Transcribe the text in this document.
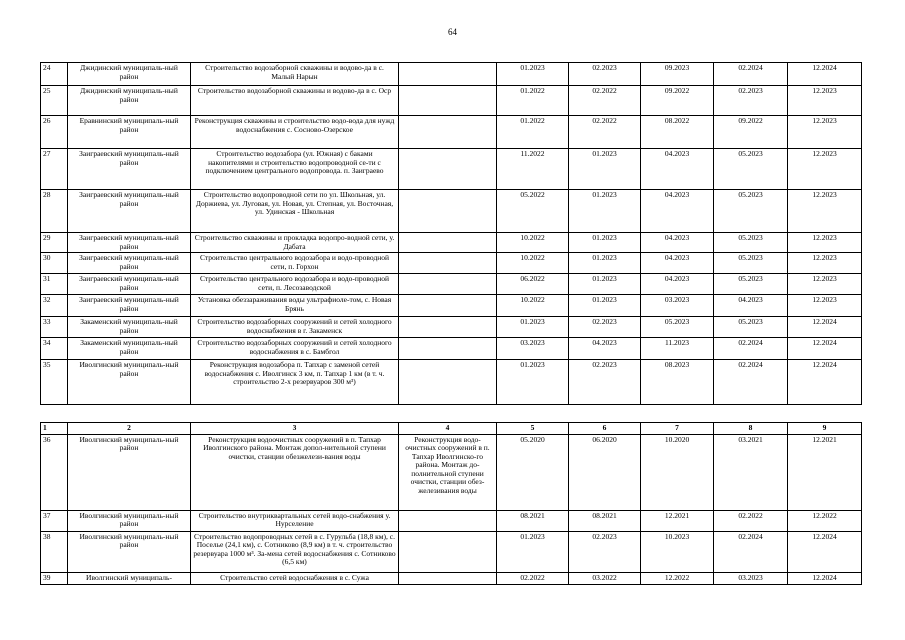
64
24	Джидинский муниципаль-ный район	Строительство водозаборной скважины и водово-да в с. Малый Нарын		01.2023	02.2023	09.2023	02.2024	12.2024
25	Джидинский муниципаль-ный район	Строительство водозаборной скважины и водово-да в с. Оср		01.2022	02.2022	09.2022	02.2023	12.2023
26	Еравнинский муниципаль-ный район	Реконструкция скважины и строительство водо-вода для нужд водоснабжения с. Сосново-Озерское		01.2022	02.2022	08.2022	09.2022	12.2023
27	Заиграевский муниципаль-ный район	Строительство водозабора (ул. Южная) с баками накопителями и строительство водопроводной се-ти с подключением центрального водопровода. п. Заиграево		11.2022	01.2023	04.2023	05.2023	12.2023
28	Заиграевский муниципаль-ный район	Строительство водопроводной сети по ул. Школьная, ул. Доржиева, ул. Луговая, ул. Новая, ул. Степная, ул. Восточная, ул. Удинская - Школьная		05.2022	01.2023	04.2023	05.2023	12.2023
29	Заиграевский муниципаль-ный район	Строительство скважины и прокладка водопро-водной сети, у. Дабата		10.2022	01.2023	04.2023	05.2023	12.2023
30	Заиграевский муниципаль-ный район	Строительство центрального водозабора и водо-проводной сети, п. Горхон		10.2022	01.2023	04.2023	05.2023	12.2023
31	Заиграевский муниципаль-ный район	Строительство центрального водозабора и водо-проводной сети, п. Лесозаводской		06.2022	01.2023	04.2023	05.2023	12.2023
32	Заиграевский муниципаль-ный район	Установка обеззараживания воды ультрафиоле-том, с. Новая Брянь		10.2022	01.2023	03.2023	04.2023	12.2023
33	Закаменский муниципаль-ный район	Строительство водозаборных сооружений и сетей холодного водоснабжения в г. Закаменск		01.2023	02.2023	05.2023	05.2023	12.2024
34	Закаменский муниципаль-ный район	Строительство водозаборных сооружений и сетей холодного водоснабжения в с. Бамбгол		03.2023	04.2023	11.2023	02.2024	12.2024
35	Иволгинский муниципаль-ный район	Реконструкция водозабора п. Тапхар с заменой сетей водоснабжения с. Иволгинск 3 км, п. Тапхар 1 км (в т. ч. строительство 2-х резервуаров 300 м³)		01.2023	02.2023	08.2023	02.2024	12.2024
1	2	3	4	5	6	7	8	9
36	Иволгинский муниципаль-ный район	Реконструкция водоочистных сооружений в п. Тапхар Иволгинского района. Монтаж допол-нительной ступени очистки, станции обезжелези-вания воды	Реконструкция водо-очистных сооружений в п. Тапхар Иволгинско-го района. Монтаж до-полнительной ступени очистки, станции обез-железивания воды	05.2020	06.2020	10.2020	03.2021	12.2021
37	Иволгинский муниципаль-ный район	Строительство внутриквартальных сетей водо-снабжения у. Нурселение		08.2021	08.2021	12.2021	02.2022	12.2022
38	Иволгинский муниципаль-ный район	Строительство водопроводных сетей в с. Гурульба (18,8 км), с. Поселье (24,1 км), с. Сотниково (8,9 км) в т. ч. строительство резервуара 1000 м³. За-мена сетей водоснабжения с. Сотниково (6,5 км)		01.2023	02.2023	10.2023	02.2024	12.2024
39	Иволгинский муниципаль-	Строительство сетей водоснабжения в с. Сужа		02.2022	03.2022	12.2022	03.2023	12.2024
